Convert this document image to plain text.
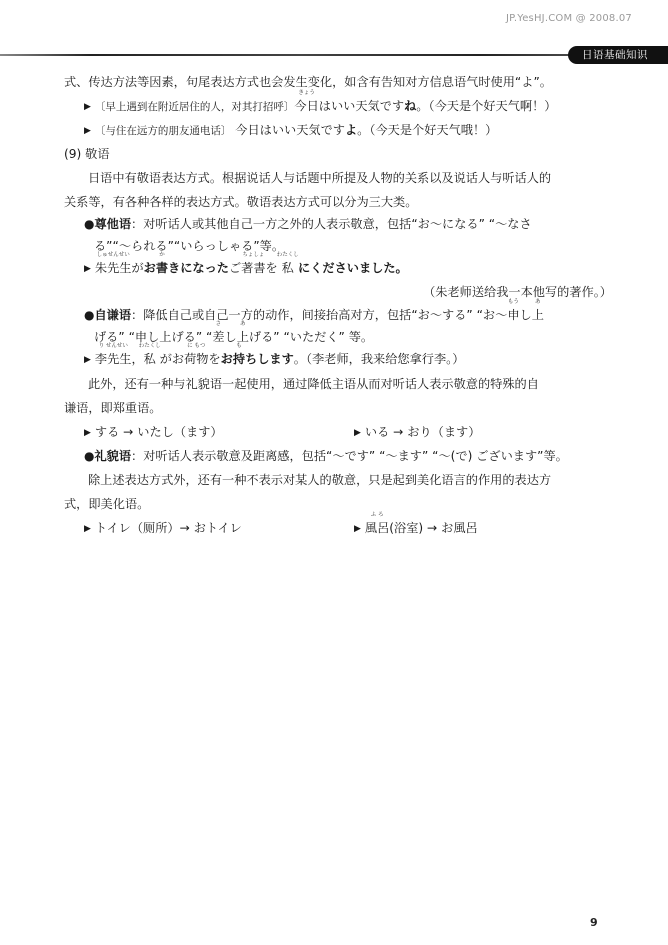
JP.YesHJ.COM @ 2008.07
日语基础知识
式、传达方法等因素，句尾表达方式也会发生变化，如含有告知对方信息语气时使用“よ”。
▶ 〔早上遇到在附近居住的人，对其打招呼〕今日
きょう
はいい天気ですね。（今天是个好天气啊！）
▶ 〔与住在远方的朋友通电话〕 今日はいい天気ですよ。（今天是个好天气哦！）
(9) 敬语
日语中有敬语表达方式。根据说话人与话题中所提及人物的关系以及说话人与听话人的
关系等，有各种各样的表达方式。敬语表达方式可以分为三大类。
●尊他语：对听话人或其他自己一方之外的人表示敬意，包括“お～になる” “～なさ
る”“～られる”“いらっしゃる”等。
▶ 朱先生
しゅせんせい
がお書
か
きになったご著書
ちょしょ
を 私
わたくし
にくださいました。
（朱老师送给我一本他写的著作。）
●自谦语：降低自己或自己一方的动作，间接抬高对方，包括“お～する” “お～申
もう
し上
あ
げる” “申し上げる” “差
さ
し上
あ
げる” “いただく” 等。
▶ 李先生
り せんせい
，私
わたくし
がお荷物
に もつ
をお持
も
ちします。（李老师，我来给您拿行李。）
此外，还有一种与礼貌语一起使用，通过降低主语从而对听话人表示敬意的特殊的自
谦语，即郑重语。
▶ する → いたし（ます）	▶ いる → おり（ます）
●礼貌语：对听话人表示敬意及距离感，包括“～です” “～ます” “～(で) ございます”等。
除上述表达方式外，还有一种不表示对某人的敬意，只是起到美化语言的作用的表达方
式，即美化语。
▶ トイレ（厕所）→ おトイレ	▶ 風呂
ふ ろ
(浴室) → お風呂
9
